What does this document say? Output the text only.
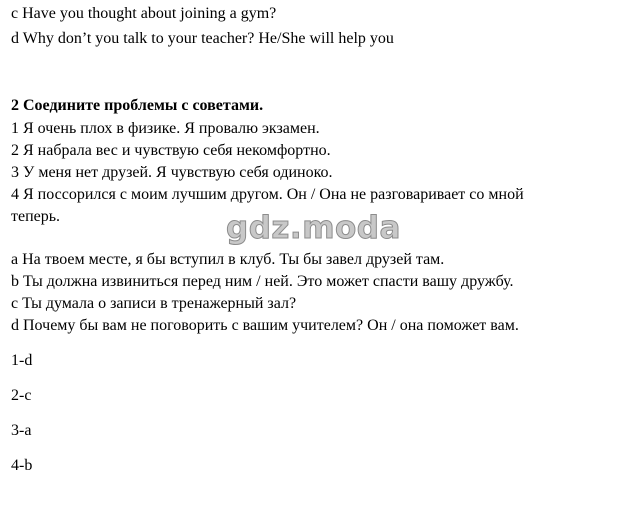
c Have you thought about joining a gym?
d Why don’t you talk to your teacher? He/She will help you
2 Соедините проблемы с советами.
1 Я очень плох в физике. Я провалю экзамен.
2 Я набрала вес и чувствую себя некомфортно.
3 У меня нет друзей. Я чувствую себя одиноко.
4 Я поссорился с моим лучшим другом. Он / Она не разговаривает со мной
теперь.
a На твоем месте, я бы вступил в клуб. Ты бы завел друзей там.
b Ты должна извиниться перед ним / ней. Это может спасти вашу дружбу.
c Ты думала о записи в тренажерный зал?
d Почему бы вам не поговорить с вашим учителем? Он / она поможет вам.
1-d
2-c
3-a
4-b
gdz.moda
